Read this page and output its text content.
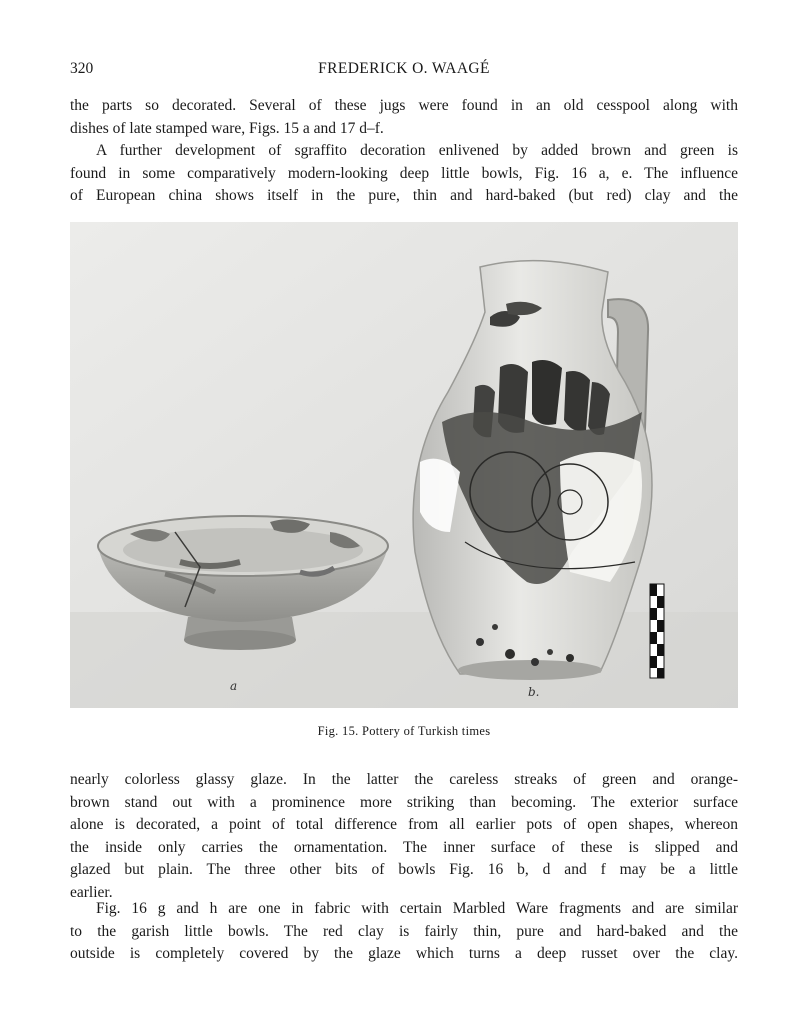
320	FREDERICK O. WAAGÉ

the parts so decorated. Several of these jugs were found in an old cesspool along with
dishes of late stamped ware, Figs. 15 a and 17 d–f.

A further development of sgraffito decoration enlivened by added brown and green is
found in some comparatively modern-looking deep little bowls, Fig. 16 a, e. The influence
of European china shows itself in the pure, thin and hard-baked (but red) clay and the

a	b.
Fig. 15. Pottery of Turkish times

nearly colorless glassy glaze. In the latter the careless streaks of green and orange-
brown stand out with a prominence more striking than becoming. The exterior surface
alone is decorated, a point of total difference from all earlier pots of open shapes, whereon
the inside only carries the ornamentation. The inner surface of these is slipped and
glazed but plain. The three other bits of bowls Fig. 16 b, d and f may be a little
earlier.

Fig. 16 g and h are one in fabric with certain Marbled Ware fragments and are similar
to the garish little bowls. The red clay is fairly thin, pure and hard-baked and the
outside is completely covered by the glaze which turns a deep russet over the clay.
